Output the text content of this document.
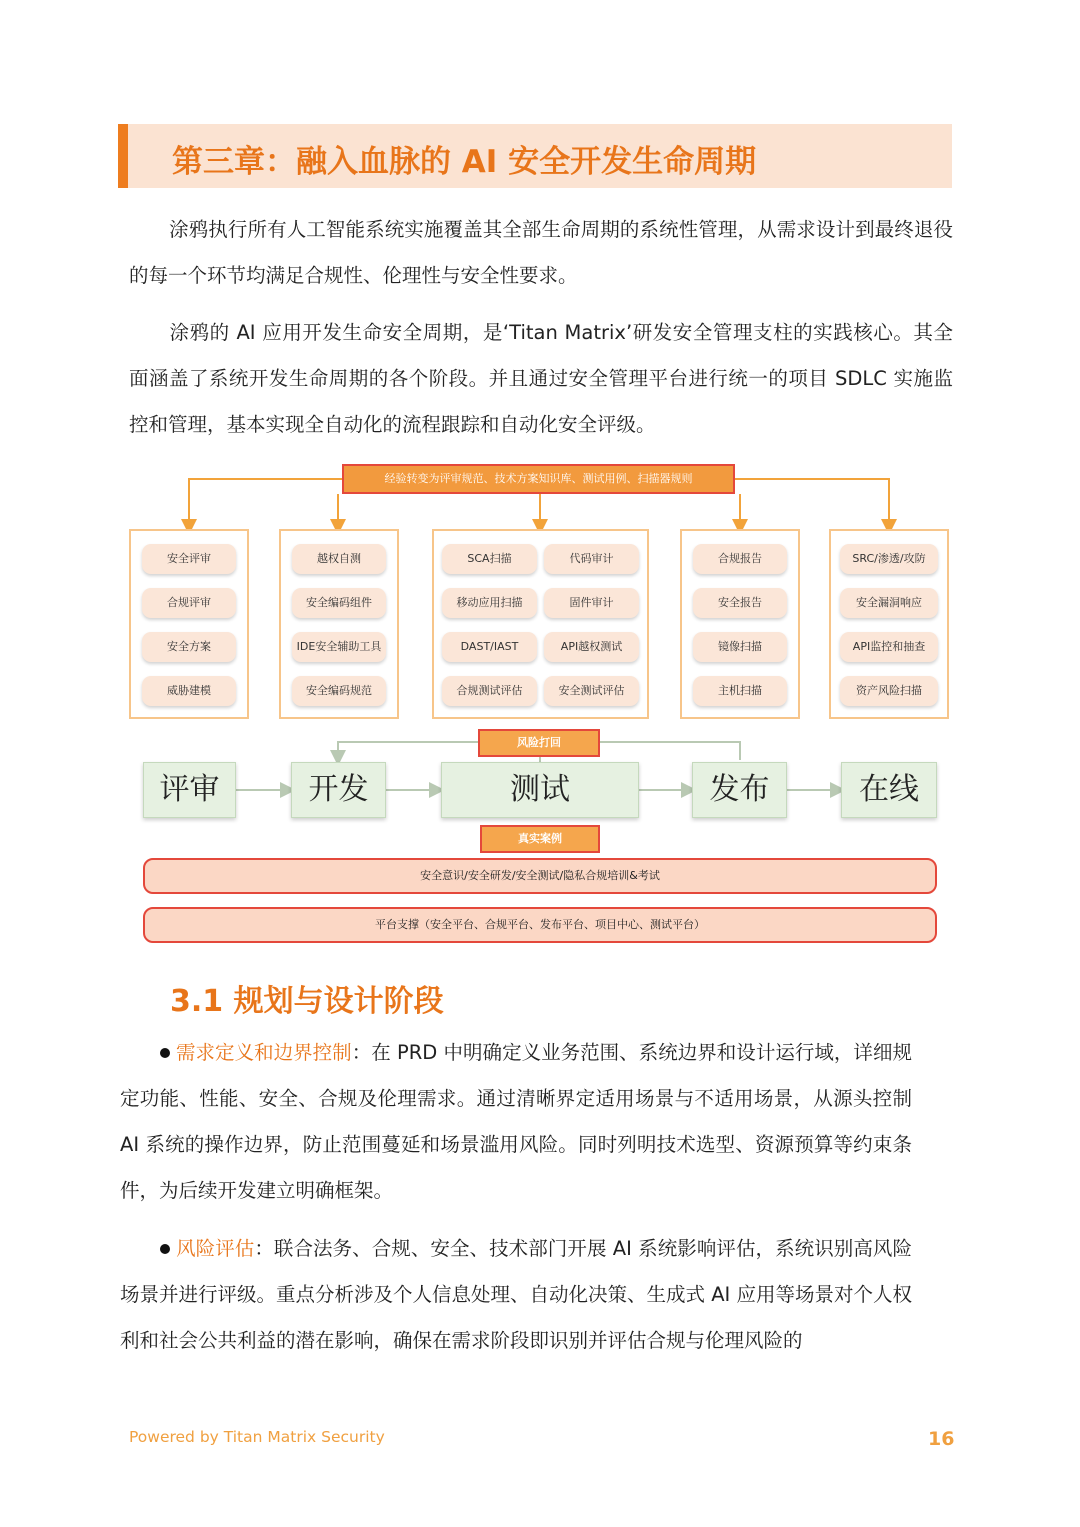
第三章：融入血脉的 AI 安全开发生命周期
涂鸦执行所有人工智能系统实施覆盖其全部生命周期的系统性管理，从需求设计到最终退役的每一个环节均满足合规性、伦理性与安全性要求。
涂鸦的 AI 应用开发生命安全周期，是‘Titan Matrix’研发安全管理支柱的实践核心。其全面涵盖了系统开发生命周期的各个阶段。并且通过安全管理平台进行统一的项目 SDLC 实施监控和管理，基本实现全自动化的流程跟踪和自动化安全评级。
经验转变为评审规范、技术方案知识库、测试用例、扫描器规则
安全评审
合规评审
安全方案
威胁建模
越权自测
安全编码组件
IDE安全辅助工具
安全编码规范
SCA扫描	代码审计
移动应用扫描	固件审计
DAST/IAST	API越权测试
合规测试评估	安全测试评估
合规报告
安全报告
镜像扫描
主机扫描
SRC/渗透/攻防
安全漏洞响应
API监控和抽查
资产风险扫描
风险打回
评审	开发	测试	发布	在线
真实案例
安全意识/安全研发/安全测试/隐私合规培训&考试
平台支撑（安全平台、合规平台、发布平台、项目中心、测试平台）
3.1 规划与设计阶段
需求定义和边界控制：在 PRD 中明确定义业务范围、系统边界和设计运行域，详细规定功能、性能、安全、合规及伦理需求。通过清晰界定适用场景与不适用场景，从源头控制 AI 系统的操作边界，防止范围蔓延和场景滥用风险。同时列明技术选型、资源预算等约束条件，为后续开发建立明确框架。
风险评估：联合法务、合规、安全、技术部门开展 AI 系统影响评估，系统识别高风险场景并进行评级。重点分析涉及个人信息处理、自动化决策、生成式 AI 应用等场景对个人权利和社会公共利益的潜在影响，确保在需求阶段即识别并评估合规与伦理风险的
Powered by Titan Matrix Security	16
